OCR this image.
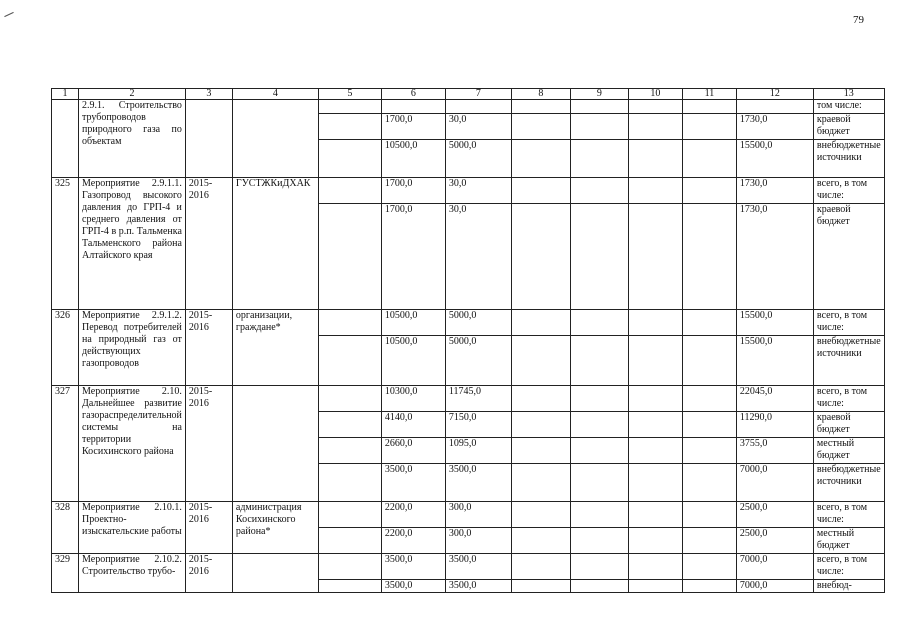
79
1	2	3	4	5	6	7	8	9	10	11	12	13
	2.9.1. Строительство трубопроводов природного газа по объектам											том числе:
					1700,0	30,0					1730,0	краевой бюджет
					10500,0	5000,0					15500,0	внебюджетные источники
325	Мероприятие 2.9.1.1. Газопровод высокого давления до ГРП-4 и среднего давления от ГРП-4 в р.п. Тальменка Тальменского района Алтайского края	2015-2016	ГУСТЖКиДХАК		1700,0	30,0					1730,0	всего, в том числе:
					1700,0	30,0					1730,0	краевой бюджет
326	Мероприятие 2.9.1.2. Перевод потребителей на природный газ от действующих газопроводов	2015-2016	организации, граждане*		10500,0	5000,0					15500,0	всего, в том числе:
					10500,0	5000,0					15500,0	внебюджетные источники
327	Мероприятие 2.10. Дальнейшее развитие газораспределительной системы на территории Косихинского района	2015-2016			10300,0	11745,0					22045,0	всего, в том числе:
					4140,0	7150,0					11290,0	краевой бюджет
					2660,0	1095,0					3755,0	местный бюджет
					3500,0	3500,0					7000,0	внебюджетные источники
328	Мероприятие 2.10.1. Проектно-изыскательские работы	2015-2016	администрация Косихинского района*		2200,0	300,0					2500,0	всего, в том числе:
					2200,0	300,0					2500,0	местный бюджет
329	Мероприятие 2.10.2. Строительство трубо-	2015-2016			3500,0	3500,0					7000,0	всего, в том числе:
					3500,0	3500,0					7000,0	внебюд-
